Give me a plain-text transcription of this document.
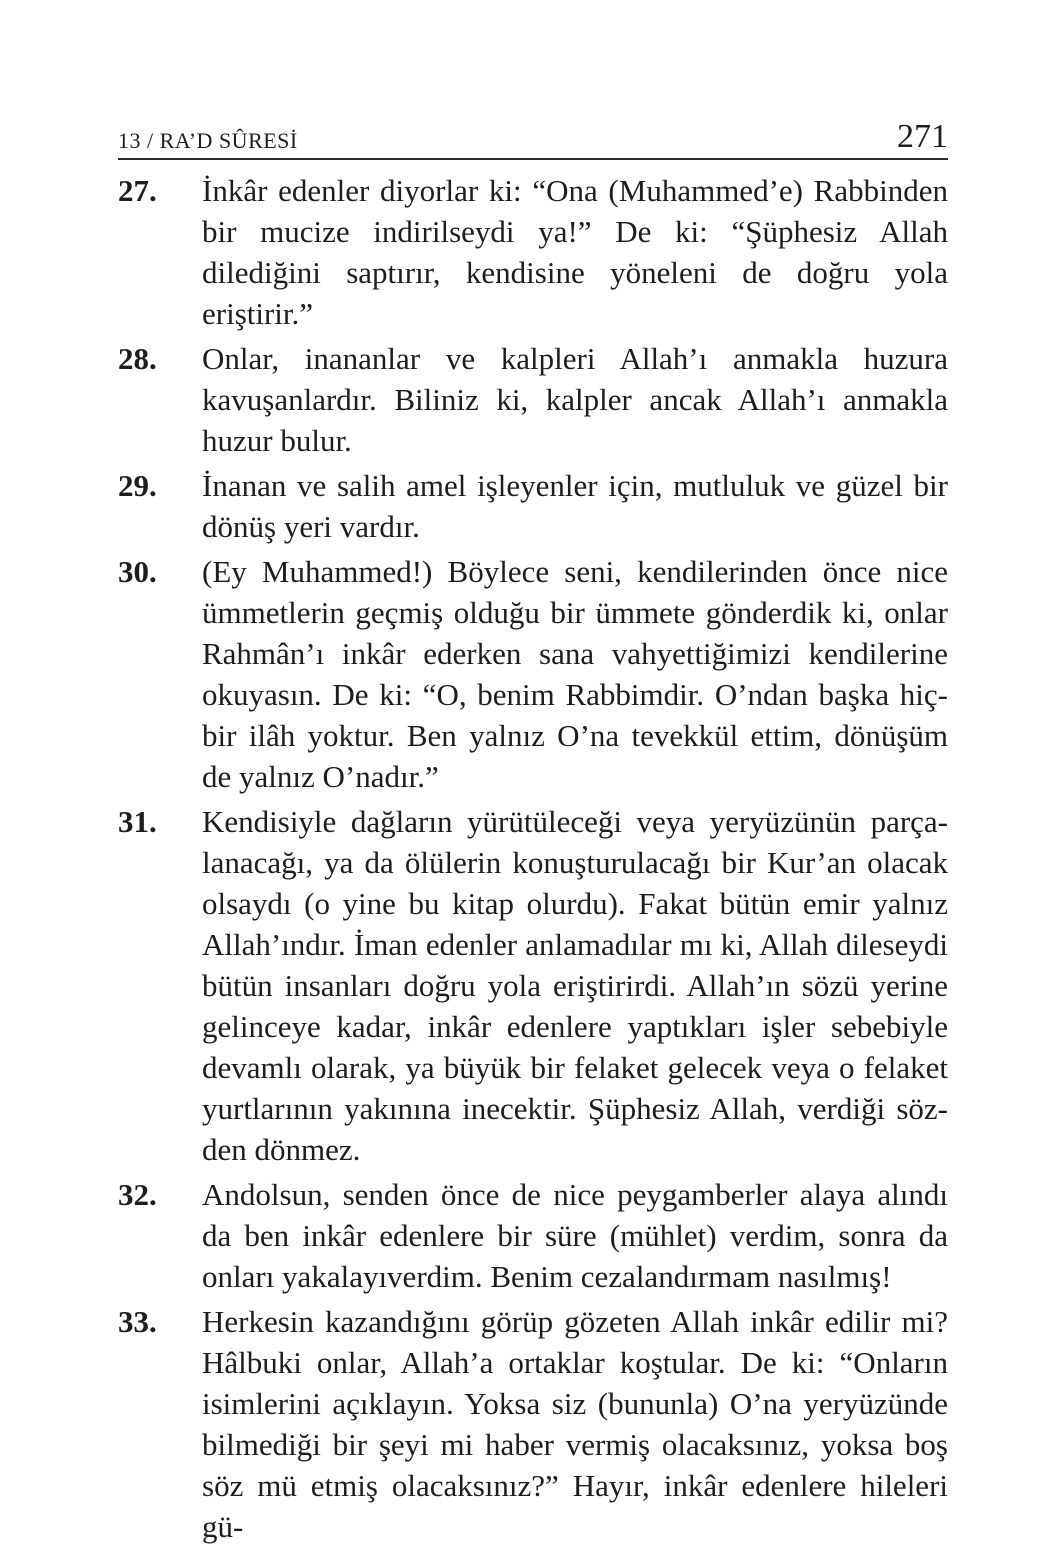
13 / RA’D SÛRESİ	271
27.	İnkâr edenler diyorlar ki: “Ona (Muhammed’e) Rabbinden bir mucize indirilseydi ya!” De ki: “Şüphesiz Allah dilediğini saptırır, kendisine yöneleni de doğru yola eriştirir.”
28.	Onlar, inananlar ve kalpleri Allah’ı anmakla huzura kavuşanlardır. Biliniz ki, kalpler ancak Allah’ı anmakla huzur bulur.
29.	İnanan ve salih amel işleyenler için, mutluluk ve güzel bir dönüş yeri vardır.
30.	(Ey Muhammed!) Böylece seni, kendilerinden önce nice ümmetlerin geçmiş olduğu bir ümmete gönderdik ki, onlar Rahmân’ı inkâr ederken sana vahyettiğimizi kendilerine okuyasın. De ki: “O, benim Rabbimdir. O’ndan başka hiçbir ilâh yoktur. Ben yalnız O’na tevekkül ettim, dönüşüm de yalnız O’nadır.”
31.	Kendisiyle dağların yürütüleceği veya yeryüzünün parçalanacağı, ya da ölülerin konuşturulacağı bir Kur’an olacak olsaydı (o yine bu kitap olurdu). Fakat bütün emir yalnız Allah’ındır. İman edenler anlamadılar mı ki, Allah dileseydi bütün insanları doğru yola eriştirirdi. Allah’ın sözü yerine gelinceye kadar, inkâr edenlere yaptıkları işler sebebiyle devamlı olarak, ya büyük bir felaket gelecek veya o felaket yurtlarının yakınına inecektir. Şüphesiz Allah, verdiği sözden dönmez.
32.	Andolsun, senden önce de nice peygamberler alaya alındı da ben inkâr edenlere bir süre (mühlet) verdim, sonra da onları yakalayıverdim. Benim cezalandırmam nasılmış!
33.	Herkesin kazandığını görüp gözeten Allah inkâr edilir mi? Hâlbuki onlar, Allah’a ortaklar koştular. De ki: “Onların isimlerini açıklayın. Yoksa siz (bununla) O’na yeryüzünde bilmediği bir şeyi mi haber vermiş olacaksınız, yoksa boş söz mü etmiş olacaksınız?” Hayır, inkâr edenlere hileleri gü-
